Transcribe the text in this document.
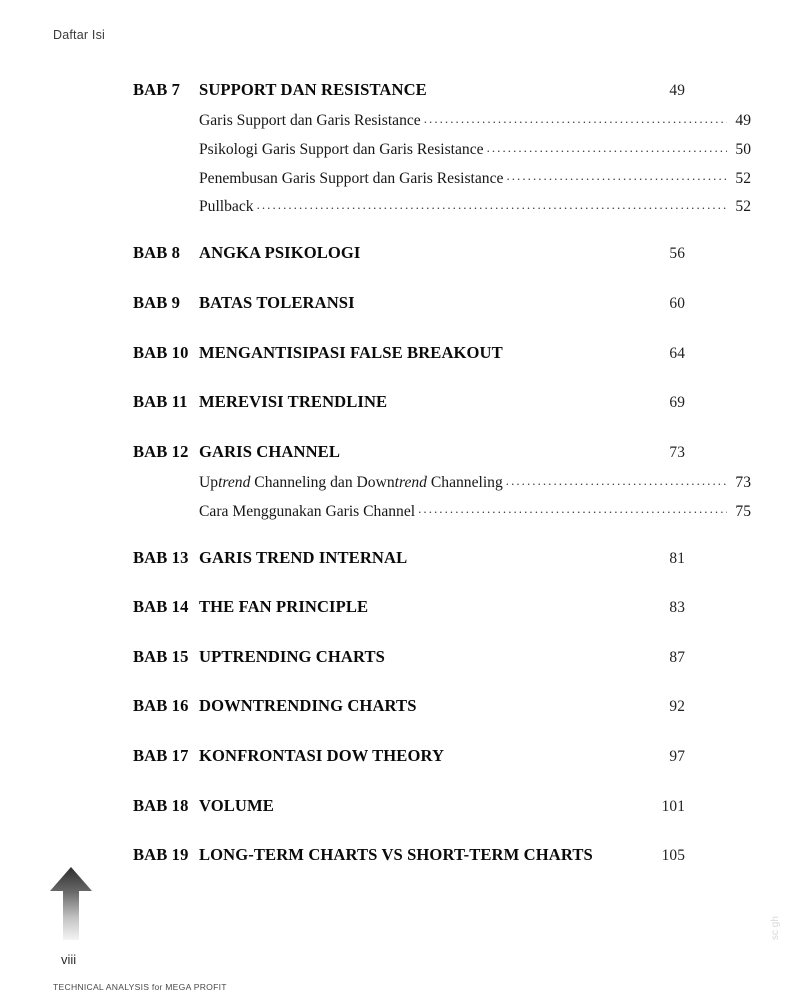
Daftar Isi
BAB 7	SUPPORT DAN RESISTANCE	49
Garis Support dan Garis Resistance . . .	49
Psikologi Garis Support dan Garis Resistance . . .	50
Penembusan Garis Support dan Garis Resistance . . .	52
Pullback . . .	52
BAB 8	ANGKA PSIKOLOGI	56
BAB 9	BATAS TOLERANSI	60
BAB 10 MENGANTISIPASI FALSE BREAKOUT	64
BAB 11 MEREVISI TRENDLINE	69
BAB 12 GARIS CHANNEL	73
Uptrend Channeling dan Downtrend Channeling . . .	73
Cara Menggunakan Garis Channel . . .	75
BAB 13 GARIS TREND INTERNAL	81
BAB 14 THE FAN PRINCIPLE	83
BAB 15 UPTRENDING CHARTS	87
BAB 16 DOWNTRENDING CHARTS	92
BAB 17 KONFRONTASI DOW THEORY	97
BAB 18 VOLUME	101
BAB 19 LONG-TERM CHARTS VS SHORT-TERM CHARTS	105
viii
TECHNICAL ANALYSIS for MEGA PROFIT
sc gh
